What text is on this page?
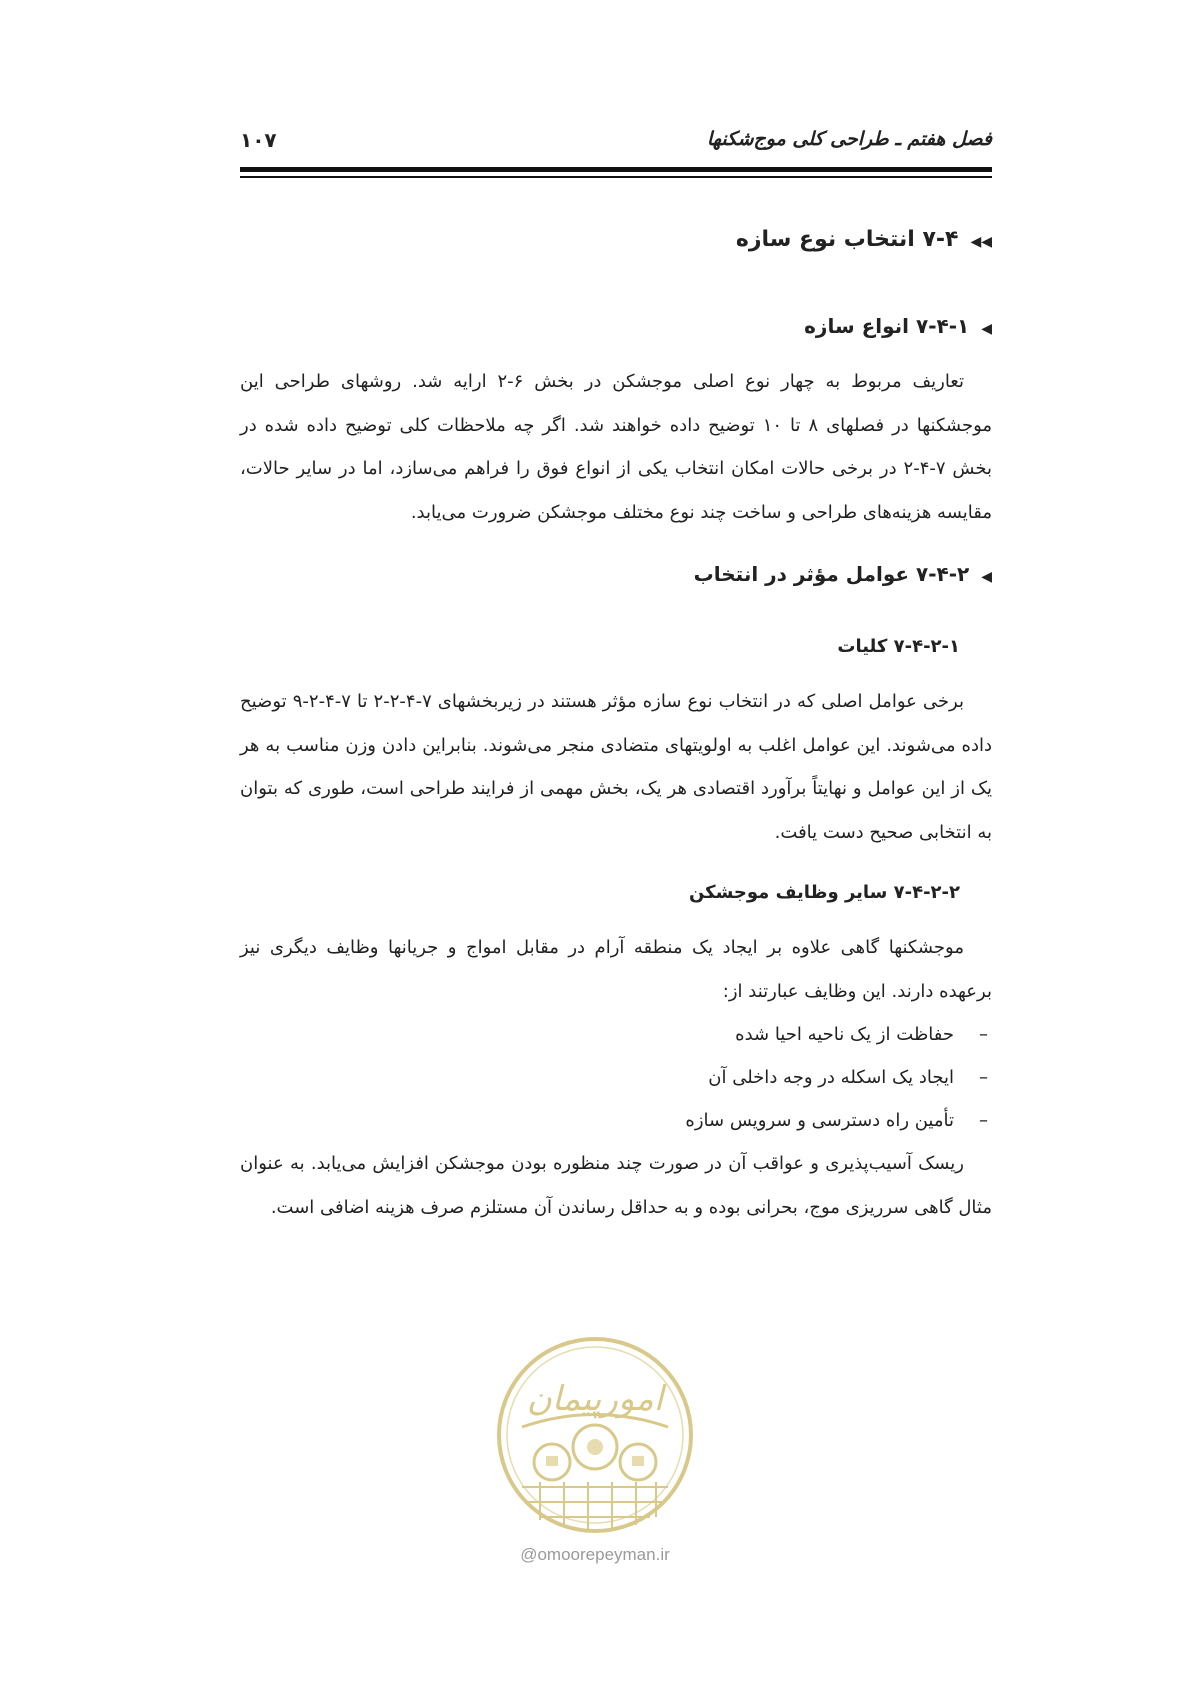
فصل هفتم ـ طراحی کلی موج‌شکنها
۱۰۷
◀◀۷-۴ انتخاب نوع سازه
◀۷-۴-۱ انواع سازه

تعاریف مربوط به چهار نوع اصلی موجشکن در بخش ۶-۲ ارایه شد. روشهای طراحی این موجشکنها در فصلهای ۸ تا ۱۰ توضیح داده خواهند شد. اگر چه ملاحظات کلی توضیح داده شده در بخش ۷-۴-۲ در برخی حالات امکان انتخاب یکی از انواع فوق را فراهم می‌سازد، اما در سایر حالات، مقایسه هزینه‌های طراحی و ساخت چند نوع مختلف موجشکن ضرورت می‌یابد.

◀۷-۴-۲ عوامل مؤثر در انتخاب
۷-۴-۲-۱ کلیات

برخی عوامل اصلی که در انتخاب نوع سازه مؤثر هستند در زیربخشهای ۷-۴-۲-۲ تا ۷-۴-۲-۹ توضیح داده می‌شوند. این عوامل اغلب به اولویتهای متضادی منجر می‌شوند. بنابراین دادن وزن مناسب به هر یک از این عوامل و نهایتاً برآورد اقتصادی هر یک، بخش مهمی از فرایند طراحی است، طوری که بتوان به انتخابی صحیح دست یافت.

۷-۴-۲-۲ سایر وظایف موجشکن

موجشکنها گاهی علاوه بر ایجاد یک منطقه آرام در مقابل امواج و جریانها وظایف دیگری نیز برعهده دارند. این وظایف عبارتند از:

–حفاظت از یک ناحیه احیا شده
–ایجاد یک اسکله در وجه داخلی آن
–تأمین راه دسترسی و سرویس سازه

ریسک آسیب‌پذیری و عواقب آن در صورت چند منظوره بودن موجشکن افزایش می‌یابد. به عنوان مثال گاهی سرریزی موج، بحرانی بوده و به حداقل رساندن آن مستلزم صرف هزینه اضافی است.

امورپیمان
@omoorepeyman.ir
